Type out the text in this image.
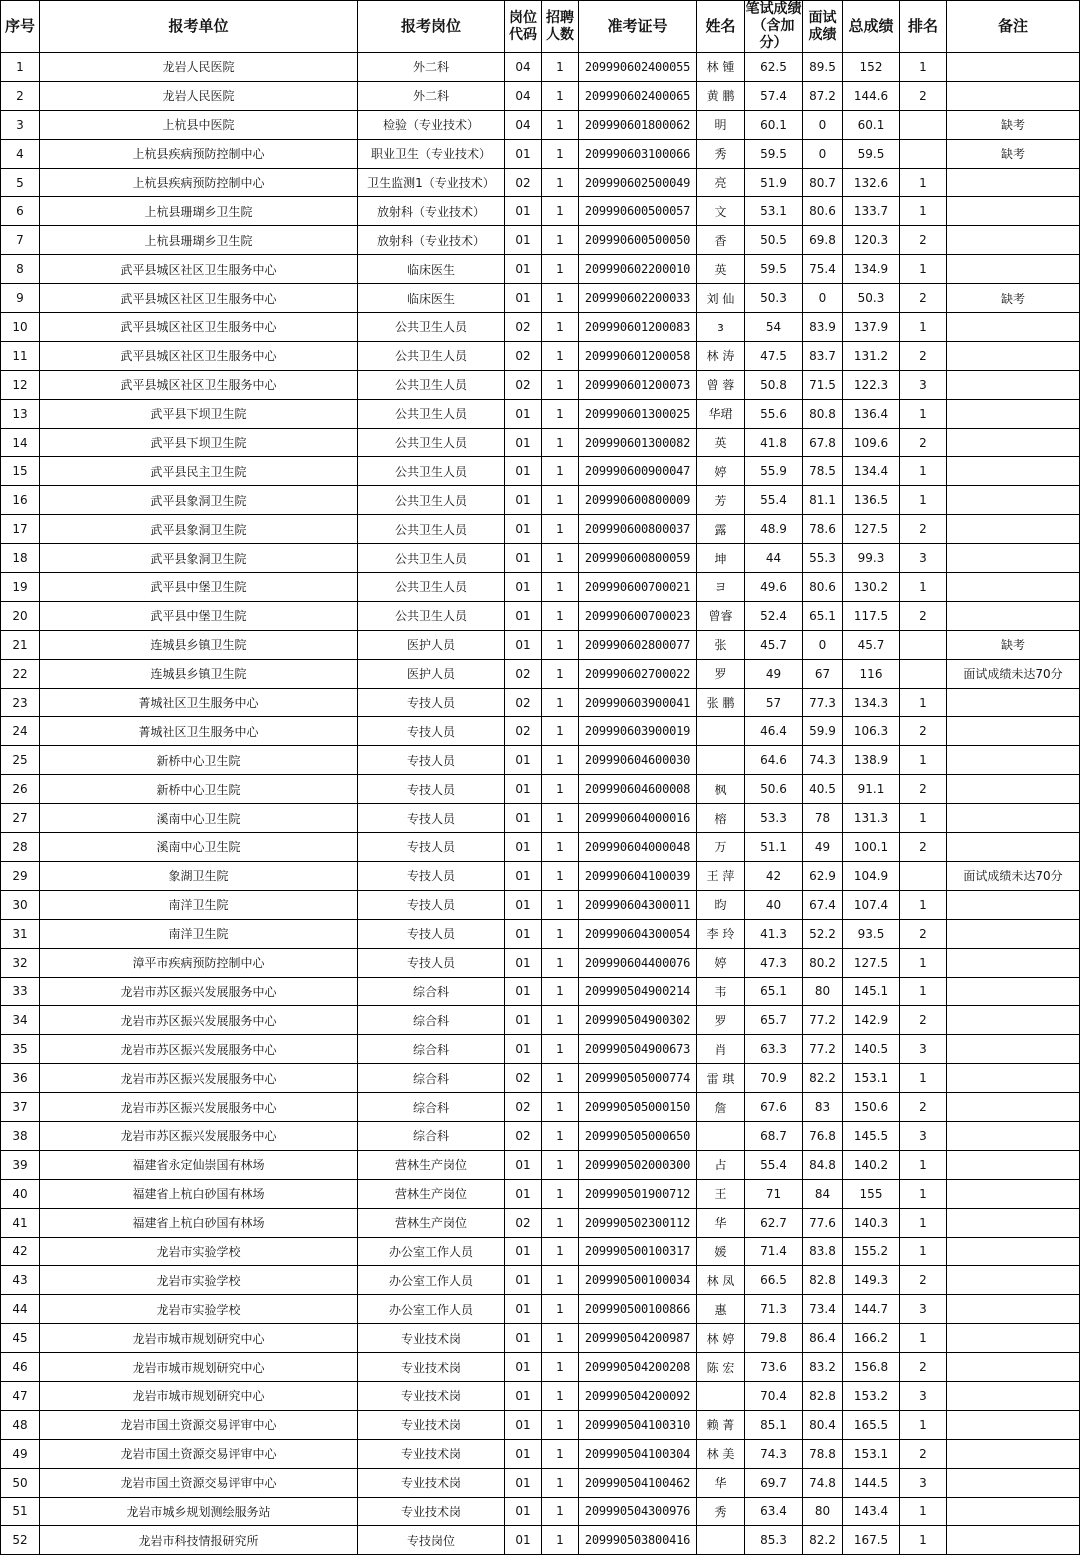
序号	报考单位	报考岗位	岗位代码	招聘人数	准考证号	姓名	笔试成绩（含加分）	面试成绩	总成绩	排名	备注
1	龙岩人民医院	外二科	04	1	209990602400055	林 锺	62.5	89.5	152	1	
2	龙岩人民医院	外二科	04	1	209990602400065	黄 鹏	57.4	87.2	144.6	2	
3	上杭县中医院	检验（专业技术）	04	1	209990601800062	明	60.1	0	60.1		缺考
4	上杭县疾病预防控制中心	职业卫生（专业技术）	01	1	209990603100066	秀	59.5	0	59.5		缺考
5	上杭县疾病预防控制中心	卫生监测1（专业技术）	02	1	209990602500049	亮	51.9	80.7	132.6	1	
6	上杭县珊瑚乡卫生院	放射科（专业技术）	01	1	209990600500057	文	53.1	80.6	133.7	1	
7	上杭县珊瑚乡卫生院	放射科（专业技术）	01	1	209990600500050	香	50.5	69.8	120.3	2	
8	武平县城区社区卫生服务中心	临床医生	01	1	209990602200010	英	59.5	75.4	134.9	1	
9	武平县城区社区卫生服务中心	临床医生	01	1	209990602200033	刘 仙	50.3	0	50.3	2	缺考
10	武平县城区社区卫生服务中心	公共卫生人员	02	1	209990601200083	з	54	83.9	137.9	1	
11	武平县城区社区卫生服务中心	公共卫生人员	02	1	209990601200058	林 涛	47.5	83.7	131.2	2	
12	武平县城区社区卫生服务中心	公共卫生人员	02	1	209990601200073	曾 蓉	50.8	71.5	122.3	3	
13	武平县下坝卫生院	公共卫生人员	01	1	209990601300025	华珺	55.6	80.8	136.4	1	
14	武平县下坝卫生院	公共卫生人员	01	1	209990601300082	英	41.8	67.8	109.6	2	
15	武平县民主卫生院	公共卫生人员	01	1	209990600900047	婷	55.9	78.5	134.4	1	
16	武平县象洞卫生院	公共卫生人员	01	1	209990600800009	芳	55.4	81.1	136.5	1	
17	武平县象洞卫生院	公共卫生人员	01	1	209990600800037	露	48.9	78.6	127.5	2	
18	武平县象洞卫生院	公共卫生人员	01	1	209990600800059	坤	44	55.3	99.3	3	
19	武平县中堡卫生院	公共卫生人员	01	1	209990600700021	ヨ	49.6	80.6	130.2	1	
20	武平县中堡卫生院	公共卫生人员	01	1	209990600700023	曾睿	52.4	65.1	117.5	2	
21	连城县乡镇卫生院	医护人员	01	1	209990602800077	张	45.7	0	45.7		缺考
22	连城县乡镇卫生院	医护人员	02	1	209990602700022	罗	49	67	116		面试成绩未达70分
23	菁城社区卫生服务中心	专技人员	02	1	209990603900041	张 鹏	57	77.3	134.3	1	
24	菁城社区卫生服务中心	专技人员	02	1	209990603900019		46.4	59.9	106.3	2	
25	新桥中心卫生院	专技人员	01	1	209990604600030		64.6	74.3	138.9	1	
26	新桥中心卫生院	专技人员	01	1	209990604600008	枫	50.6	40.5	91.1	2	
27	溪南中心卫生院	专技人员	01	1	209990604000016	榕	53.3	78	131.3	1	
28	溪南中心卫生院	专技人员	01	1	209990604000048	万	51.1	49	100.1	2	
29	象湖卫生院	专技人员	01	1	209990604100039	王 萍	42	62.9	104.9		面试成绩未达70分
30	南洋卫生院	专技人员	01	1	209990604300011	昀	40	67.4	107.4	1	
31	南洋卫生院	专技人员	01	1	209990604300054	李 玲	41.3	52.2	93.5	2	
32	漳平市疾病预防控制中心	专技人员	01	1	209990604400076	婷	47.3	80.2	127.5	1	
33	龙岩市苏区振兴发展服务中心	综合科	01	1	209990504900214	韦	65.1	80	145.1	1	
34	龙岩市苏区振兴发展服务中心	综合科	01	1	209990504900302	罗	65.7	77.2	142.9	2	
35	龙岩市苏区振兴发展服务中心	综合科	01	1	209990504900673	肖	63.3	77.2	140.5	3	
36	龙岩市苏区振兴发展服务中心	综合科	02	1	209990505000774	雷 琪	70.9	82.2	153.1	1	
37	龙岩市苏区振兴发展服务中心	综合科	02	1	209990505000150	詹	67.6	83	150.6	2	
38	龙岩市苏区振兴发展服务中心	综合科	02	1	209990505000650		68.7	76.8	145.5	3	
39	福建省永定仙崇国有林场	营林生产岗位	01	1	209990502000300	占	55.4	84.8	140.2	1	
40	福建省上杭白砂国有林场	营林生产岗位	01	1	209990501900712	王	71	84	155	1	
41	福建省上杭白砂国有林场	营林生产岗位	02	1	209990502300112	华	62.7	77.6	140.3	1	
42	龙岩市实验学校	办公室工作人员	01	1	209990500100317	媛	71.4	83.8	155.2	1	
43	龙岩市实验学校	办公室工作人员	01	1	209990500100034	林 凤	66.5	82.8	149.3	2	
44	龙岩市实验学校	办公室工作人员	01	1	209990500100866	惠	71.3	73.4	144.7	3	
45	龙岩市城市规划研究中心	专业技术岗	01	1	209990504200987	林 婷	79.8	86.4	166.2	1	
46	龙岩市城市规划研究中心	专业技术岗	01	1	209990504200208	陈 宏	73.6	83.2	156.8	2	
47	龙岩市城市规划研究中心	专业技术岗	01	1	209990504200092		70.4	82.8	153.2	3	
48	龙岩市国土资源交易评审中心	专业技术岗	01	1	209990504100310	赖 菁	85.1	80.4	165.5	1	
49	龙岩市国土资源交易评审中心	专业技术岗	01	1	209990504100304	林 美	74.3	78.8	153.1	2	
50	龙岩市国土资源交易评审中心	专业技术岗	01	1	209990504100462	华	69.7	74.8	144.5	3	
51	龙岩市城乡规划测绘服务站	专业技术岗	01	1	209990504300976	秀	63.4	80	143.4	1	
52	龙岩市科技情报研究所	专技岗位	01	1	209990503800416		85.3	82.2	167.5	1	
